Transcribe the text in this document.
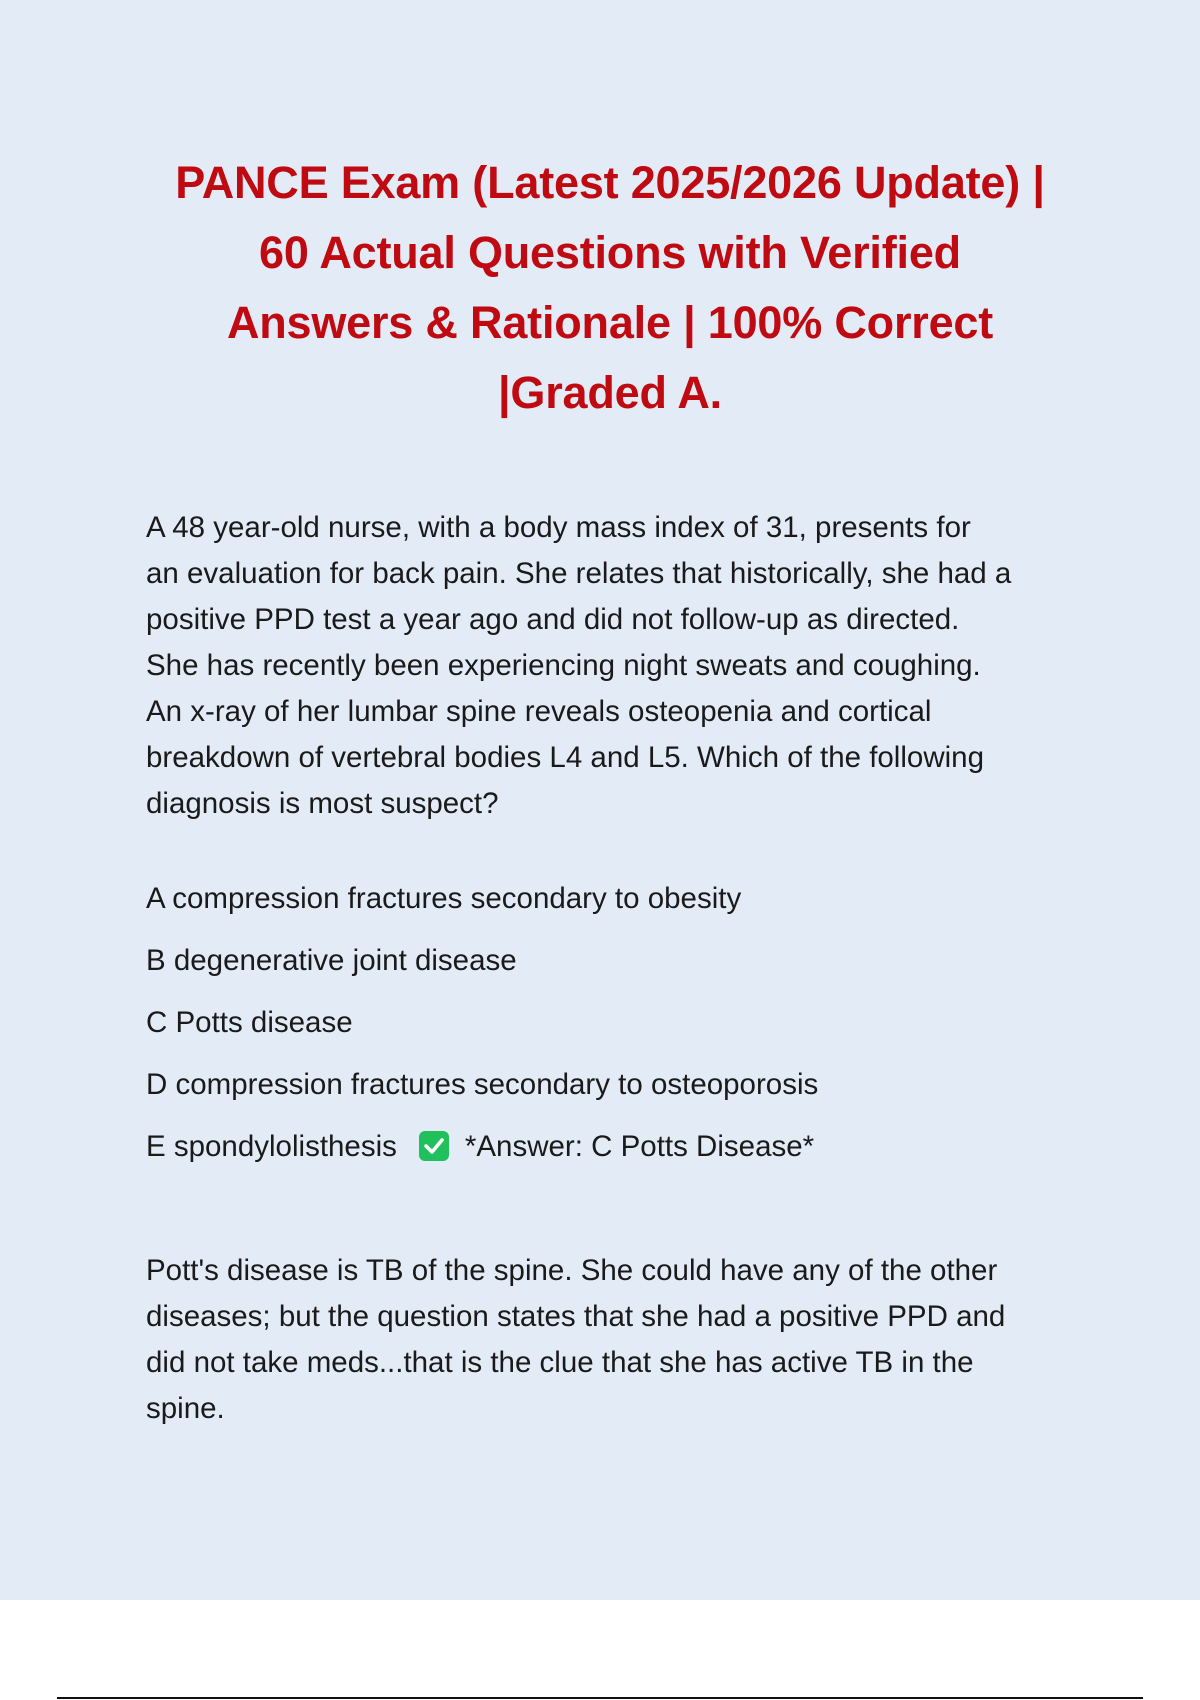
PANCE Exam (Latest 2025/2026 Update) |
60 Actual Questions with Verified
Answers & Rationale | 100% Correct
|Graded A.

A 48 year-old nurse, with a body mass index of 31, presents for
an evaluation for back pain. She relates that historically, she had a
positive PPD test a year ago and did not follow-up as directed.
She has recently been experiencing night sweats and coughing.
An x-ray of her lumbar spine reveals osteopenia and cortical
breakdown of vertebral bodies L4 and L5. Which of the following
diagnosis is most suspect?

A compression fractures secondary to obesity
B degenerative joint disease
C Potts disease
D compression fractures secondary to osteoporosis
E spondylolisthesis *Answer: C Potts Disease*

Pott's disease is TB of the spine. She could have any of the other
diseases; but the question states that she had a positive PPD and
did not take meds...that is the clue that she has active TB in the
spine.
